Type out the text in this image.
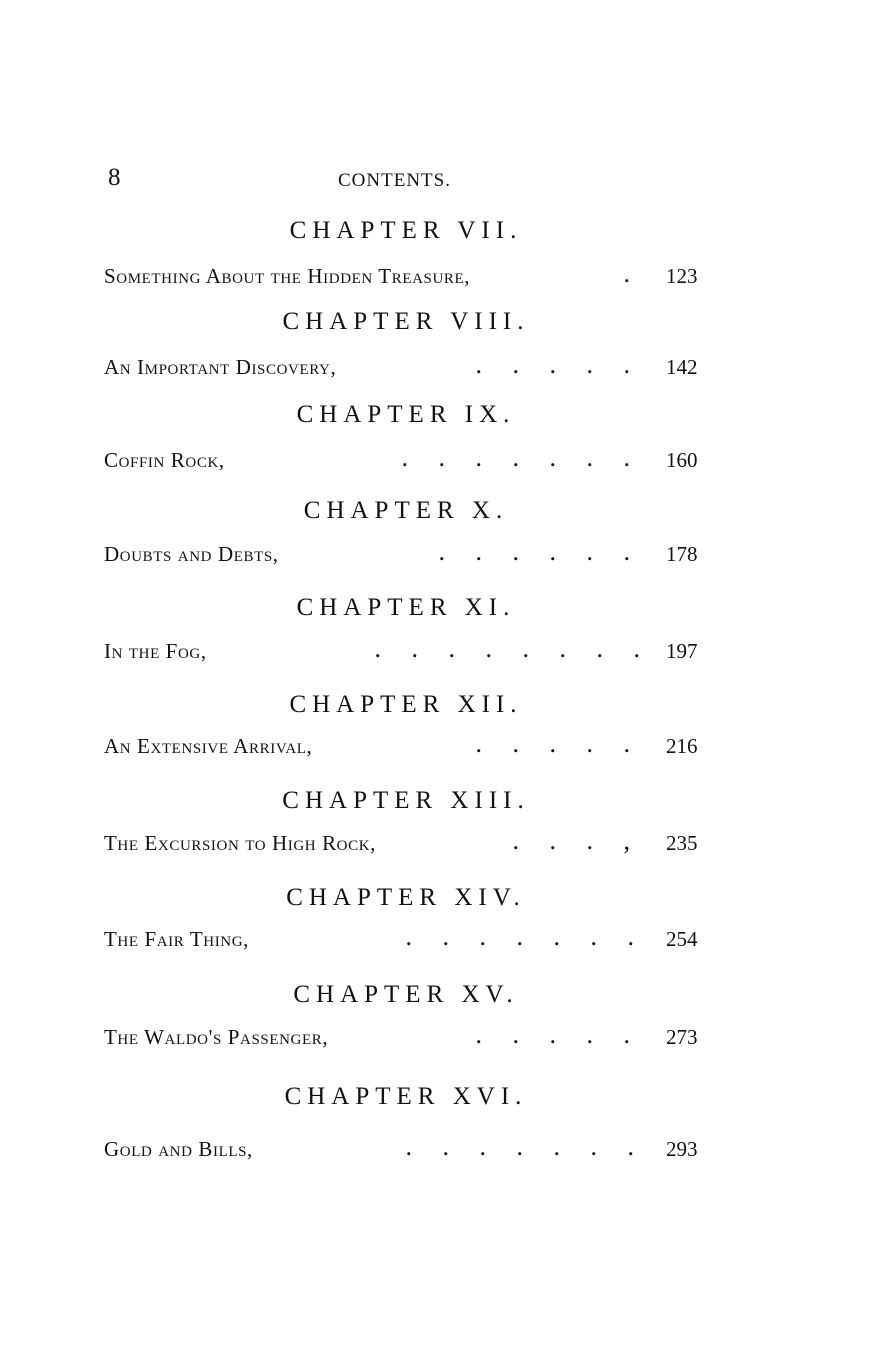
8	CONTENTS.
CHAPTER VII.
Something About the Hidden Treasure,	. 123
CHAPTER VIII.
An Important Discovery,	. . . . . 142
CHAPTER IX.
Coffin Rock,	. . . . . . . 160
CHAPTER X.
Doubts and Debts,	. . . . . . 178
CHAPTER XI.
In the Fog,	. . . . . . . . 197
CHAPTER XII.
An Extensive Arrival,	. . . . . 216
CHAPTER XIII.
The Excursion to High Rock,	. . . , 235
CHAPTER XIV.
The Fair Thing,	. . . . . . . 254
CHAPTER XV.
The Waldo's Passenger,	. . . . . 273
CHAPTER XVI.
Gold and Bills,	. . . . . . . 293
